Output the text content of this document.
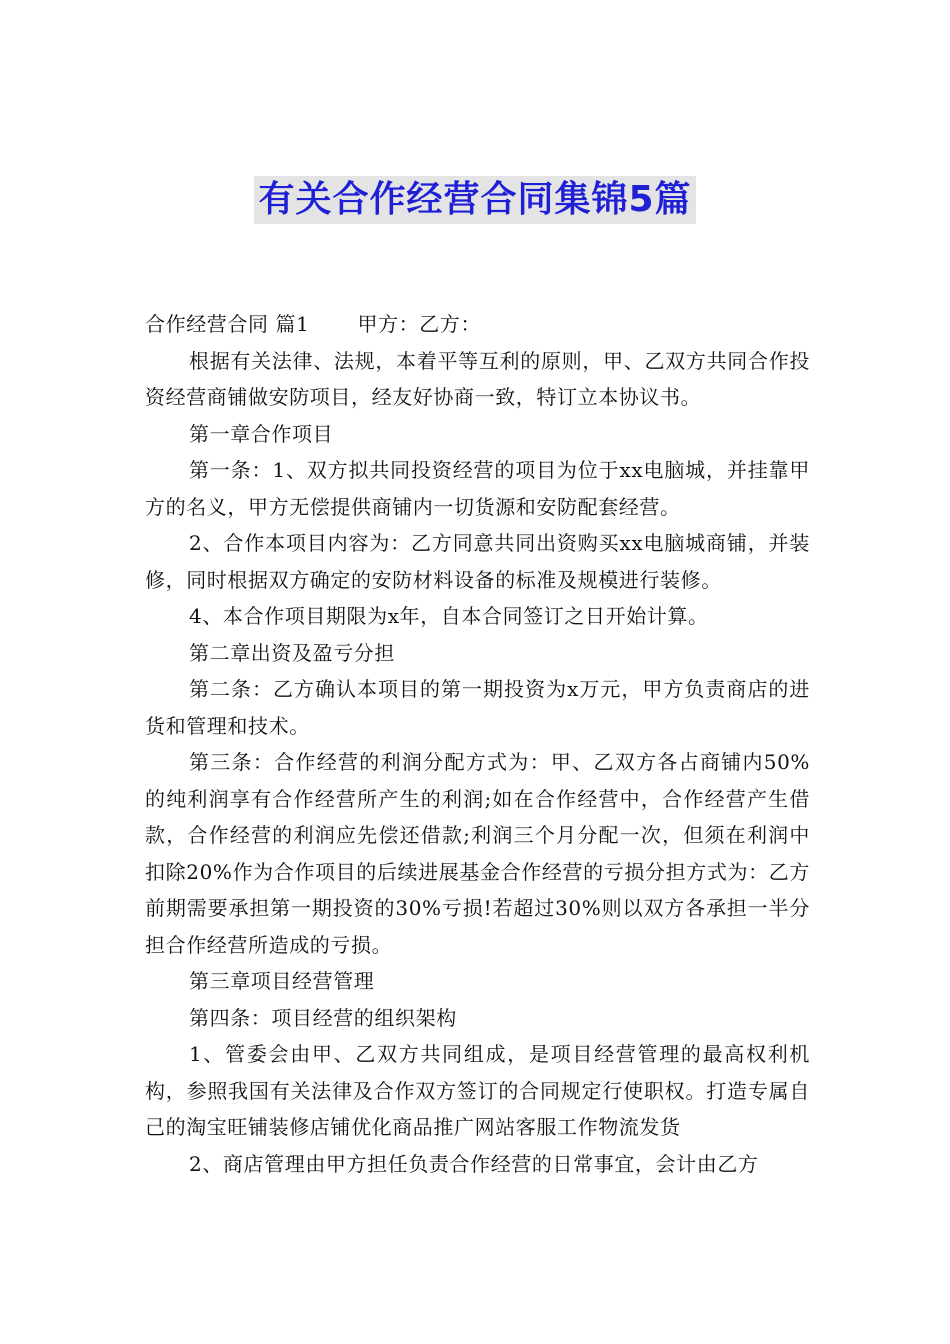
有关合作经营合同集锦5篇

合作经营合同 篇1 甲方：乙方：

根据有关法律、法规，本着平等互利的原则，甲、乙双方共同合作投资经营商铺做安防项目，经友好协商一致，特订立本协议书。

第一章合作项目

第一条：1、双方拟共同投资经营的项目为位于xx电脑城，并挂靠甲方的名义，甲方无偿提供商铺内一切货源和安防配套经营。

2、合作本项目内容为：乙方同意共同出资购买xx电脑城商铺，并装修，同时根据双方确定的安防材料设备的标准及规模进行装修。

4、本合作项目期限为x年，自本合同签订之日开始计算。

第二章出资及盈亏分担

第二条：乙方确认本项目的第一期投资为x万元，甲方负责商店的进货和管理和技术。

第三条：合作经营的利润分配方式为：甲、乙双方各占商铺内50%的纯利润享有合作经营所产生的利润;如在合作经营中，合作经营产生借款，合作经营的利润应先偿还借款;利润三个月分配一次，但须在利润中扣除20%作为合作项目的后续进展基金合作经营的亏损分担方式为：乙方前期需要承担第一期投资的30%亏损!若超过30%则以双方各承担一半分担合作经营所造成的亏损。

第三章项目经营管理

第四条：项目经营的组织架构

1、管委会由甲、乙双方共同组成，是项目经营管理的最高权利机构，参照我国有关法律及合作双方签订的合同规定行使职权。打造专属自己的淘宝旺铺装修店铺优化商品推广网站客服工作物流发货

2、商店管理由甲方担任负责合作经营的日常事宜，会计由乙方
